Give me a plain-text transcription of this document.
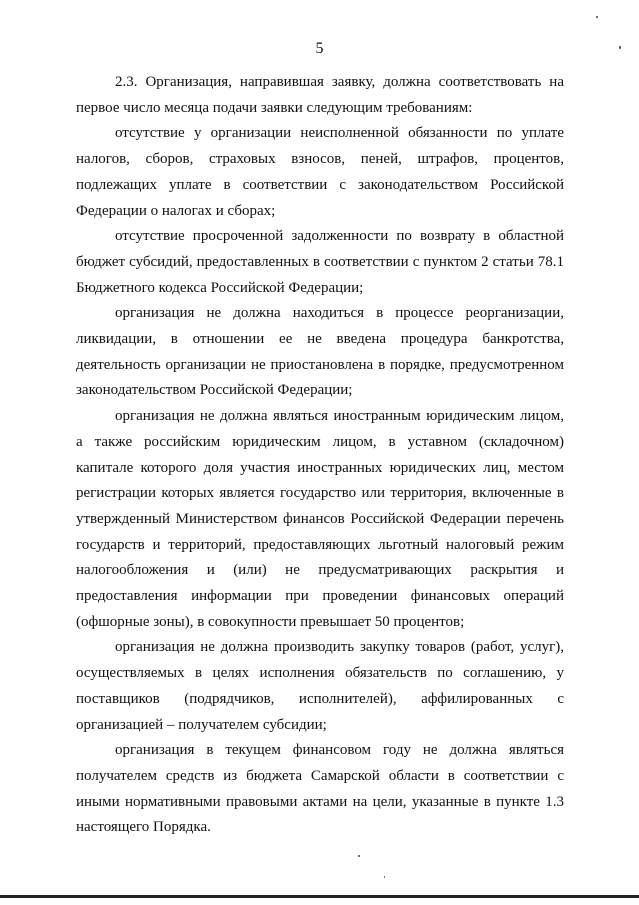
5

2.3. Организация, направившая заявку, должна соответствовать на первое число месяца подачи заявки следующим требованиям:

отсутствие у организации неисполненной обязанности по уплате налогов, сборов, страховых взносов, пеней, штрафов, процентов, подлежащих уплате в соответствии с законодательством Российской Федерации о налогах и сборах;

отсутствие просроченной задолженности по возврату в областной бюджет субсидий, предоставленных в соответствии с пунктом 2 статьи 78.1 Бюджетного кодекса Российской Федерации;

организация не должна находиться в процессе реорганизации, ликвидации, в отношении ее не введена процедура банкротства, деятельность организации не приостановлена в порядке, предусмотренном законодательством Российской Федерации;

организация не должна являться иностранным юридическим лицом, а также российским юридическим лицом, в уставном (складочном) капитале которого доля участия иностранных юридических лиц, местом регистрации которых является государство или территория, включенные в утвержденный Министерством финансов Российской Федерации перечень государств и территорий, предоставляющих льготный налоговый режим налогообложения и (или) не предусматривающих раскрытия и предоставления информации при проведении финансовых операций (офшорные зоны), в совокупности превышает 50 процентов;

организация не должна производить закупку товаров (работ, услуг), осуществляемых в целях исполнения обязательств по соглашению, у поставщиков (подрядчиков, исполнителей), аффилированных с организацией – получателем субсидии;

организация в текущем финансовом году не должна являться получателем средств из бюджета Самарской области в соответствии с иными нормативными правовыми актами на цели, указанные в пункте 1.3 настоящего Порядка.
